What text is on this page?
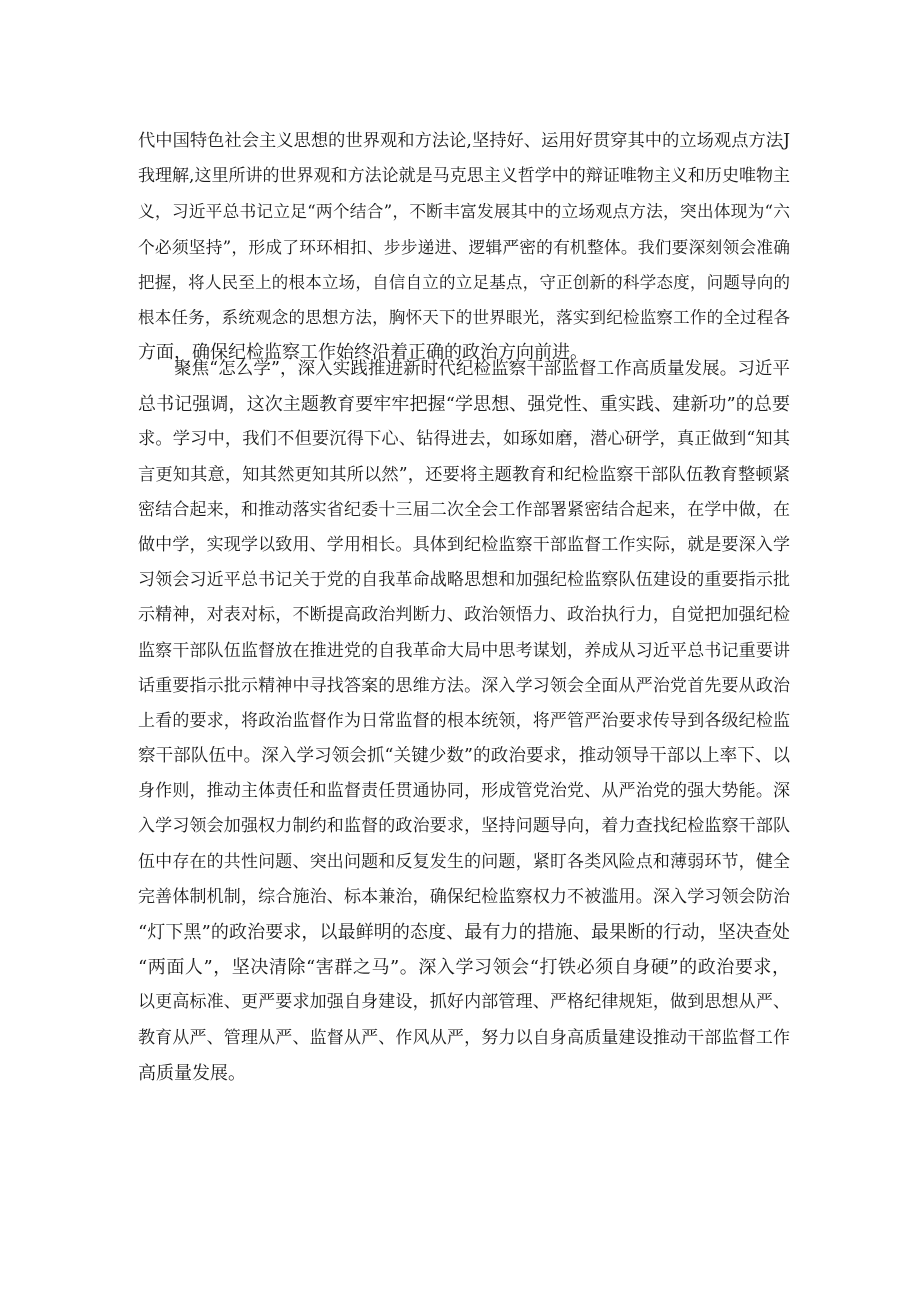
代中国特色社会主义思想的世界观和方法论,坚持好、运用好贯穿其中的立场观点方法J
我理解,这里所讲的世界观和方法论就是马克思主义哲学中的辩证唯物主义和历史唯物主
义，习近平总书记立足“两个结合”，不断丰富发展其中的立场观点方法，突出体现为“六
个必须坚持”，形成了环环相扣、步步递进、逻辑严密的有机整体。我们要深刻领会准确
把握，将人民至上的根本立场，自信自立的立足基点，守正创新的科学态度，问题导向的
根本任务，系统观念的思想方法，胸怀天下的世界眼光，落实到纪检监察工作的全过程各
方面，确保纪检监察工作始终沿着正确的政治方向前进。
聚焦“怎么学”，深入实践推进新时代纪检监察干部监督工作高质量发展。习近平
总书记强调，这次主题教育要牢牢把握“学思想、强党性、重实践、建新功”的总要
求。学习中，我们不但要沉得下心、钻得进去，如琢如磨，潜心研学，真正做到“知其
言更知其意，知其然更知其所以然”，还要将主题教育和纪检监察干部队伍教育整顿紧
密结合起来，和推动落实省纪委十三届二次全会工作部署紧密结合起来，在学中做，在
做中学，实现学以致用、学用相长。具体到纪检监察干部监督工作实际，就是要深入学
习领会习近平总书记关于党的自我革命战略思想和加强纪检监察队伍建设的重要指示批
示精神，对表对标，不断提高政治判断力、政治领悟力、政治执行力，自觉把加强纪检
监察干部队伍监督放在推进党的自我革命大局中思考谋划，养成从习近平总书记重要讲
话重要指示批示精神中寻找答案的思维方法。深入学习领会全面从严治党首先要从政治
上看的要求，将政治监督作为日常监督的根本统领，将严管严治要求传导到各级纪检监
察干部队伍中。深入学习领会抓“关键少数”的政治要求，推动领导干部以上率下、以
身作则，推动主体责任和监督责任贯通协同，形成管党治党、从严治党的强大势能。深
入学习领会加强权力制约和监督的政治要求，坚持问题导向，着力查找纪检监察干部队
伍中存在的共性问题、突出问题和反复发生的问题，紧盯各类风险点和薄弱环节，健全
完善体制机制，综合施治、标本兼治，确保纪检监察权力不被滥用。深入学习领会防治
“灯下黑”的政治要求，以最鲜明的态度、最有力的措施、最果断的行动，坚决查处
“两面人”，坚决清除“害群之马”。深入学习领会“打铁必须自身硬”的政治要求，
以更高标准、更严要求加强自身建设，抓好内部管理、严格纪律规矩，做到思想从严、
教育从严、管理从严、监督从严、作风从严，努力以自身高质量建设推动干部监督工作
高质量发展。
